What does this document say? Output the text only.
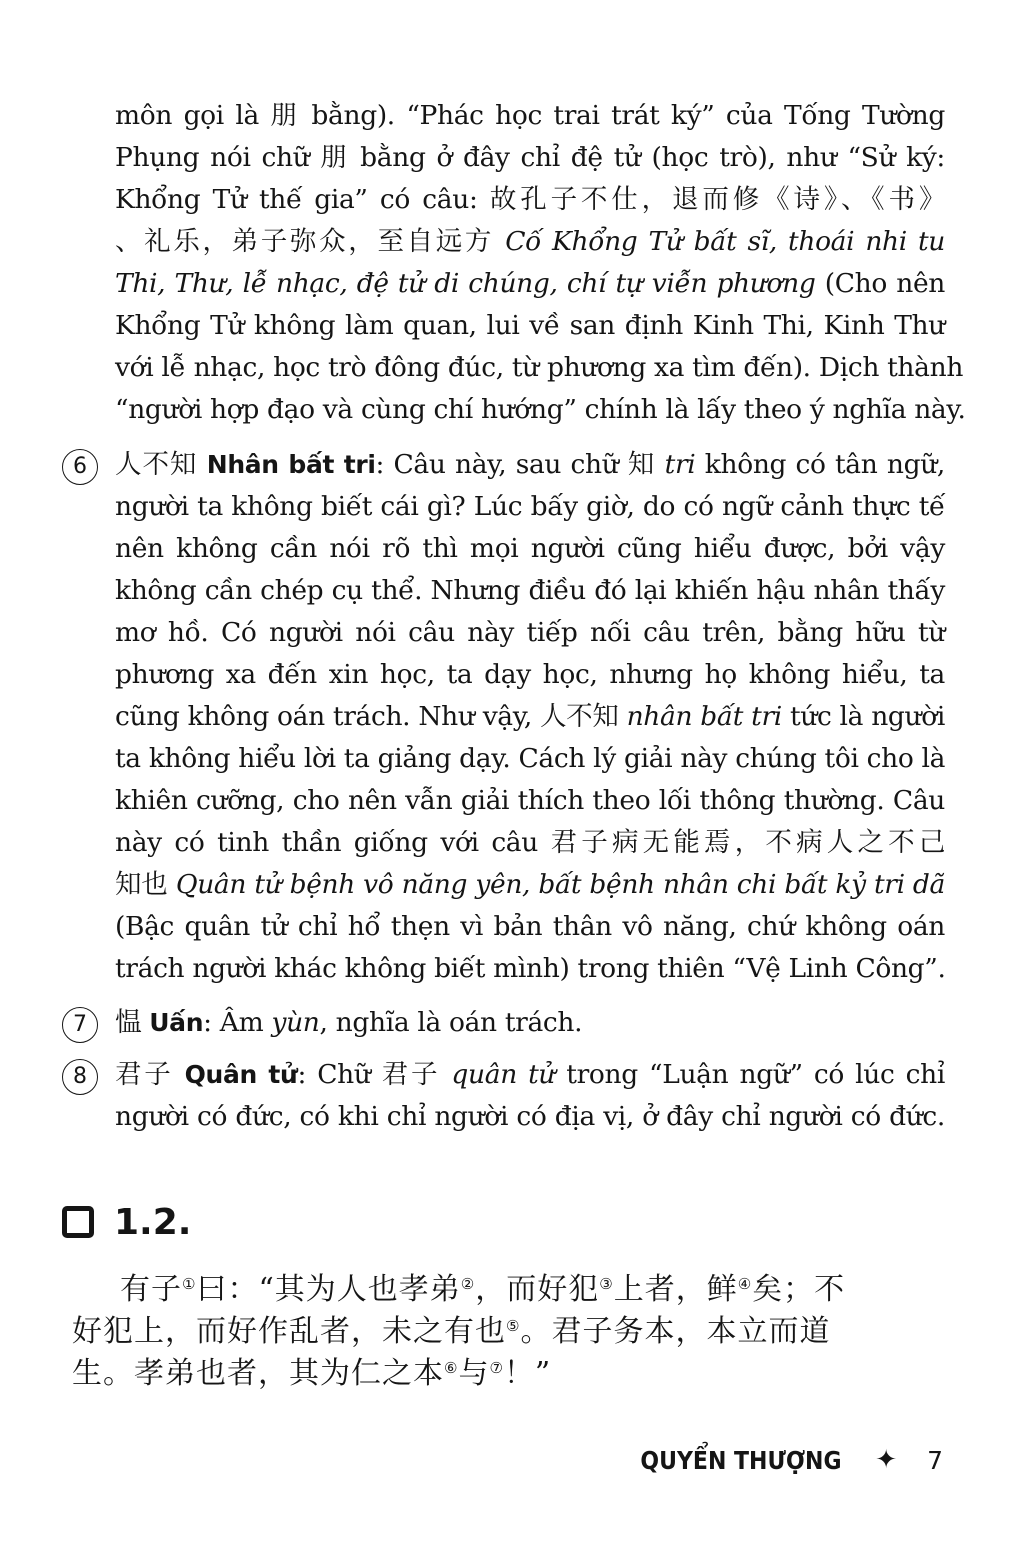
môn gọi là 朋 bằng). “Phác học trai trát ký” của Tống Tường
Phụng nói chữ 朋 bằng ở đây chỉ đệ tử (học trò), như “Sử ký:
Khổng Tử thế gia” có câu: 故孔子不仕，退而修《诗》、《书》
、礼乐，弟子弥众，至自远方 Cố Khổng Tử bất sĩ, thoái nhi tu
Thi, Thư, lễ nhạc, đệ tử di chúng, chí tự viễn phương (Cho nên
Khổng Tử không làm quan, lui về san định Kinh Thi, Kinh Thư
với lễ nhạc, học trò đông đúc, từ phương xa tìm đến). Dịch thành
“người hợp đạo và cùng chí hướng” chính là lấy theo ý nghĩa này.
6	人不知 Nhân bất tri: Câu này, sau chữ 知 tri không có tân ngữ,
người ta không biết cái gì? Lúc bấy giờ, do có ngữ cảnh thực tế
nên không cần nói rõ thì mọi người cũng hiểu được, bởi vậy
không cần chép cụ thể. Nhưng điều đó lại khiến hậu nhân thấy
mơ hồ. Có người nói câu này tiếp nối câu trên, bằng hữu từ
phương xa đến xin học, ta dạy học, nhưng họ không hiểu, ta
cũng không oán trách. Như vậy, 人不知 nhân bất tri tức là người
ta không hiểu lời ta giảng dạy. Cách lý giải này chúng tôi cho là
khiên cưỡng, cho nên vẫn giải thích theo lối thông thường. Câu
này có tinh thần giống với câu 君子病无能焉，不病人之不己
知也 Quân tử bệnh vô năng yên, bất bệnh nhân chi bất kỷ tri dã
(Bậc quân tử chỉ hổ thẹn vì bản thân vô năng, chứ không oán
trách người khác không biết mình) trong thiên “Vệ Linh Công”.
7	愠 Uấn: Âm yùn, nghĩa là oán trách.
8	君子 Quân tử: Chữ 君子 quân tử trong “Luận ngữ” có lúc chỉ
người có đức, có khi chỉ người có địa vị, ở đây chỉ người có đức.
1.2.
有子①曰：“其为人也孝弟②，而好犯③上者，鲜④矣；不
好犯上，而好作乱者，未之有也⑤。君子务本，本立而道
生。孝弟也者，其为仁之本⑥与⑦！”
QUYỂN THƯỢNG ✦ 7
